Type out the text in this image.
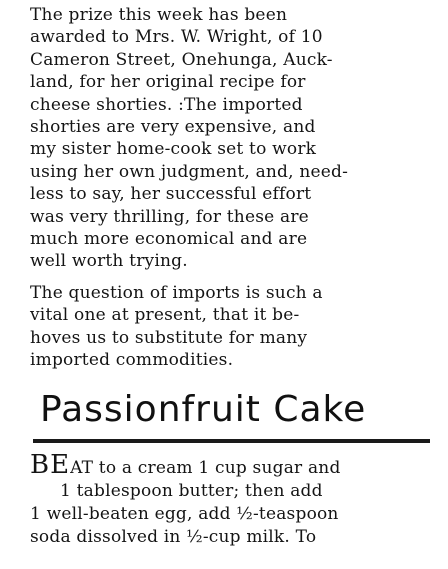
The prize this week has been
awarded to Mrs. W. Wright, of 10
Cameron Street, Onehunga, Auck-
land, for her original recipe for
cheese shorties. :The imported
shorties are very expensive, and
my sister home-cook set to work
using her own judgment, and, need-
less to say, her successful effort
was very thrilling, for these are
much more economical and are
well worth trying.
The question of imports is such a
vital one at present, that it be-
hoves us to substitute for many
imported commodities.
Passionfruit Cake
BEAT to a cream 1 cup sugar and
1 tablespoon butter; then add
1 well-beaten egg, add ½-teaspoon
soda dissolved in ½-cup milk. To
